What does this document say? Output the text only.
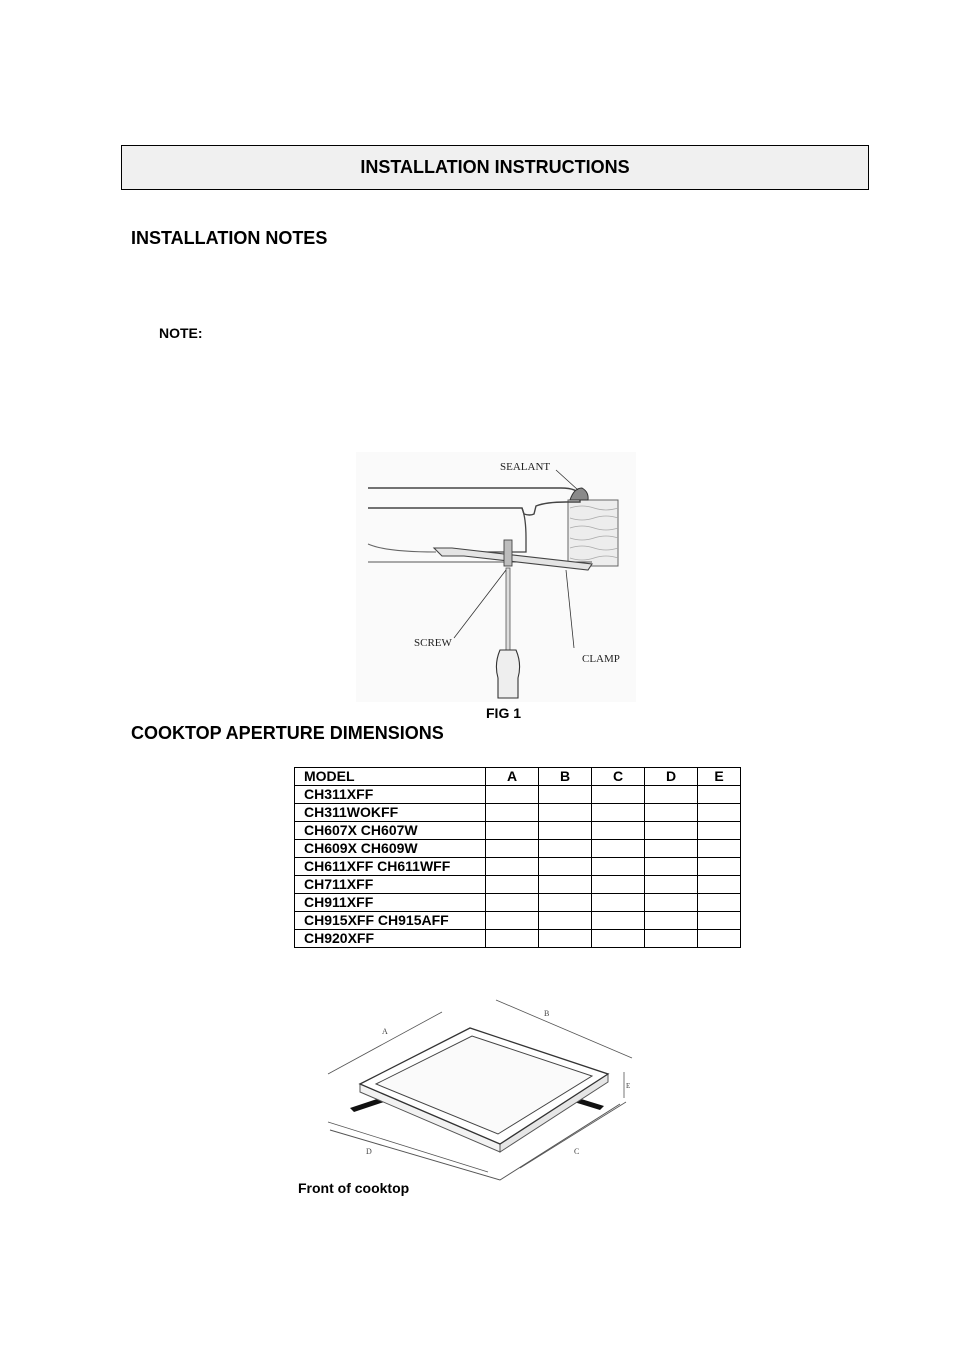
INSTALLATION INSTRUCTIONS
INSTALLATION NOTES
NOTE:
SEALANT
SCREW
CLAMP
FIG 1
COOKTOP APERTURE DIMENSIONS
MODEL	A	B	C	D	E
CH311XFF					
CH311WOKFF					
CH607X CH607W					
CH609X CH609W					
CH611XFF CH611WFF					
CH711XFF					
CH911XFF					
CH915XFF CH915AFF					
CH920XFF					
A
B
C
D
E
Front of cooktop
